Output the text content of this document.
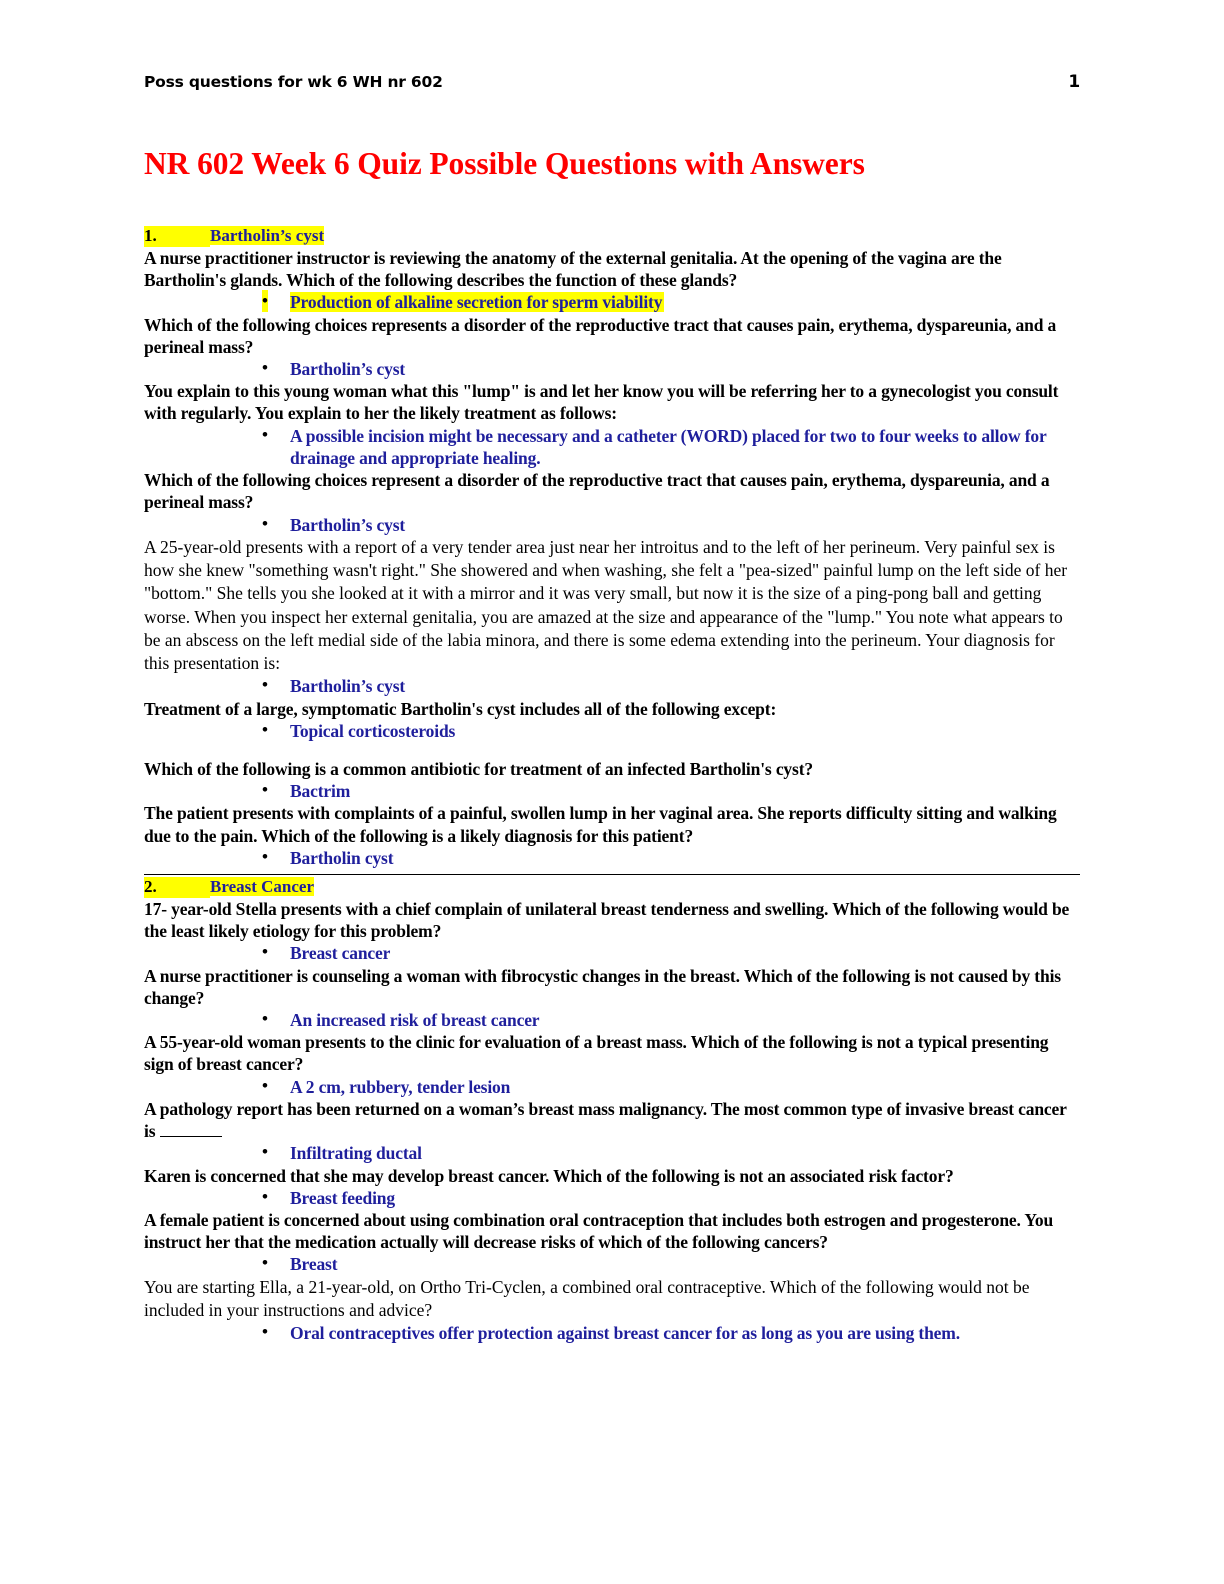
Poss questions for wk 6 WH nr 602	1
NR 602 Week 6 Quiz Possible Questions with Answers
1.	Bartholin’s cyst

A nurse practitioner instructor is reviewing the anatomy of the external genitalia. At the opening of the vagina are the Bartholin's glands. Which of the following describes the function of these glands?

• Production of alkaline secretion for sperm viability

Which of the following choices represents a disorder of the reproductive tract that causes pain, erythema, dyspareunia, and a perineal mass?

• Bartholin’s cyst

You explain to this young woman what this "lump" is and let her know you will be referring her to a gynecologist you consult with regularly. You explain to her the likely treatment as follows:

• A possible incision might be necessary and a catheter (WORD) placed for two to four weeks to allow for drainage and appropriate healing.

Which of the following choices represent a disorder of the reproductive tract that causes pain, erythema, dyspareunia, and a perineal mass?

• Bartholin’s cyst

A 25-year-old presents with a report of a very tender area just near her introitus and to the left of her perineum. Very painful sex is how she knew "something wasn't right." She showered and when washing, she felt a "pea-sized" painful lump on the left side of her "bottom." She tells you she looked at it with a mirror and it was very small, but now it is the size of a ping-pong ball and getting worse. When you inspect her external genitalia, you are amazed at the size and appearance of the "lump." You note what appears to be an abscess on the left medial side of the labia minora, and there is some edema extending into the perineum. Your diagnosis for this presentation is:

• Bartholin’s cyst

Treatment of a large, symptomatic Bartholin's cyst includes all of the following except:

• Topical corticosteroids

Which of the following is a common antibiotic for treatment of an infected Bartholin's cyst?

• Bactrim

The patient presents with complaints of a painful, swollen lump in her vaginal area. She reports difficulty sitting and walking due to the pain. Which of the following is a likely diagnosis for this patient?

• Bartholin cyst
2.	Breast Cancer

17- year-old Stella presents with a chief complain of unilateral breast tenderness and swelling. Which of the following would be the least likely etiology for this problem?

• Breast cancer

A nurse practitioner is counseling a woman with fibrocystic changes in the breast. Which of the following is not caused by this change?

• An increased risk of breast cancer

A 55-year-old woman presents to the clinic for evaluation of a breast mass. Which of the following is not a typical presenting sign of breast cancer?

• A 2 cm, rubbery, tender lesion

A pathology report has been returned on a woman’s breast mass malignancy. The most common type of invasive breast cancer is

• Infiltrating ductal

Karen is concerned that she may develop breast cancer. Which of the following is not an associated risk factor?

• Breast feeding

A female patient is concerned about using combination oral contraception that includes both estrogen and progesterone. You instruct her that the medication actually will decrease risks of which of the following cancers?

• Breast

You are starting Ella, a 21-year-old, on Ortho Tri-Cyclen, a combined oral contraceptive. Which of the following would not be included in your instructions and advice?

• Oral contraceptives offer protection against breast cancer for as long as you are using them.
